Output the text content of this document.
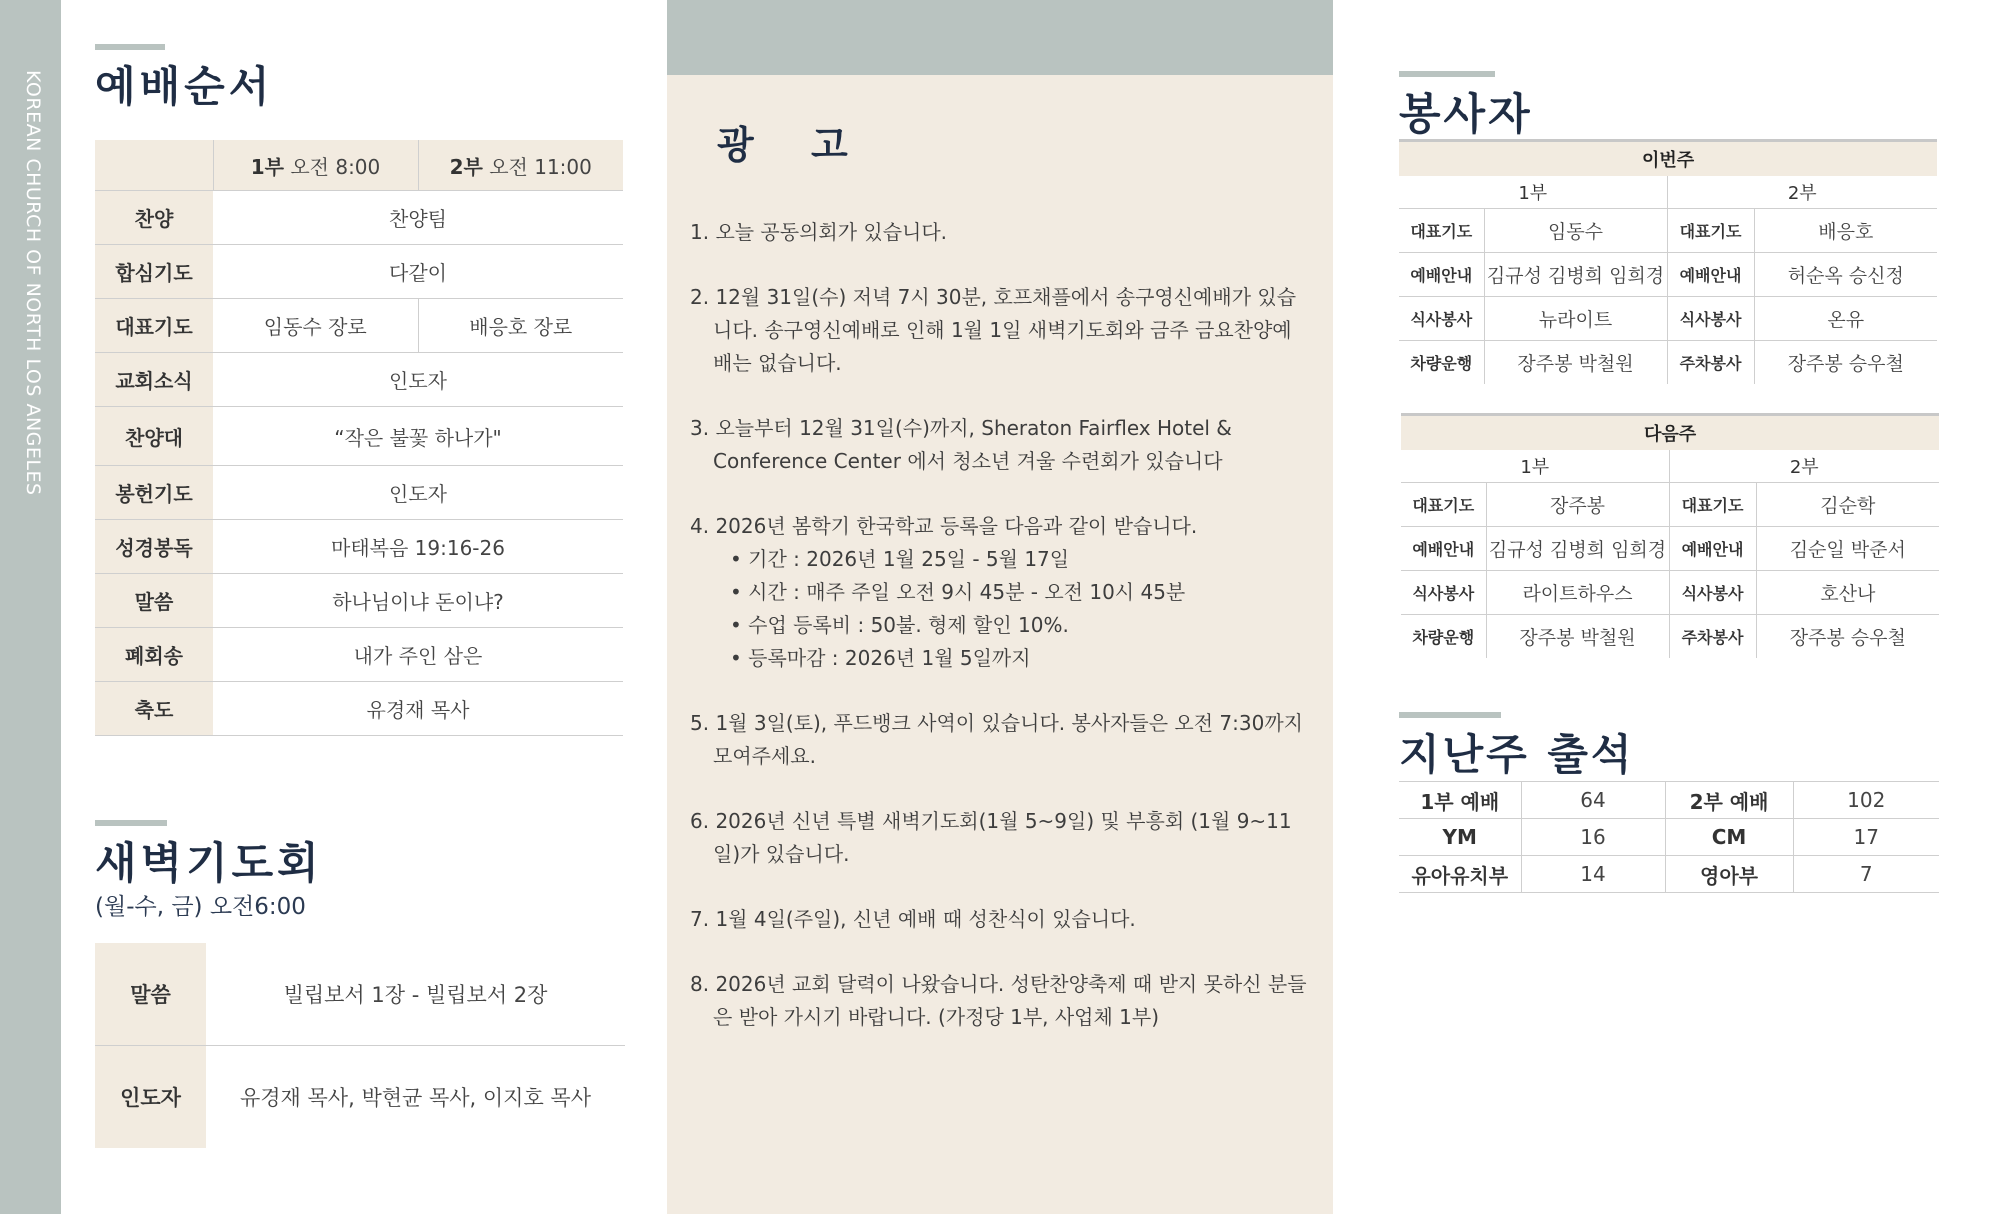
KOREAN CHURCH OF NORTH LOS ANGELES 예배순서
	1부 오전 8:00	2부 오전 11:00
찬양	찬양팀	
합심기도	다같이	
대표기도	임동수 장로	배응호 장로
교회소식	인도자	
찬양대	“작은 불꽃 하나가"	
봉헌기도	인도자	
성경봉독	마태복음 19:16-26	
말씀	하나님이냐 돈이냐?	
폐회송	내가 주인 삼은	
축도	유경재 목사	
새벽기도회

(월-수, 금) 오전6:00

말씀	빌립보서 1장 - 빌립보서 2장
인도자	유경재 목사, 박현균 목사, 이지호 목사
광 고
1. 오늘 공동의회가 있습니다.
2. 12월 31일(수) 저녁 7시 30분, 호프채플에서 송구영신예배가 있습니다. 송구영신예배로 인해 1월 1일 새벽기도회와 금주 금요찬양예배는 없습니다.
3. 오늘부터 12월 31일(수)까지, Sheraton Fairflex Hotel & Conference Center 에서 청소년 겨울 수련회가 있습니다
4. 2026년 봄학기 한국학교 등록을 다음과 같이 받습니다.
• 기간 : 2026년 1월 25일 - 5월 17일
• 시간 : 매주 주일 오전 9시 45분 - 오전 10시 45분
• 수업 등록비 : 50불. 형제 할인 10%.
• 등록마감 : 2026년 1월 5일까지
5. 1월 3일(토), 푸드뱅크 사역이 있습니다. 봉사자들은 오전 7:30까지 모여주세요.
6. 2026년 신년 특별 새벽기도회(1월 5~9일) 및 부흥회 (1월 9~11일)가 있습니다.
7. 1월 4일(주일), 신년 예배 때 성찬식이 있습니다.
8. 2026년 교회 달력이 나왔습니다. 성탄찬양축제 때 받지 못하신 분들은 받아 가시기 바랍니다. (가정당 1부, 사업체 1부)
봉사자
이번주			
1부		2부	
대표기도	임동수	대표기도	배응호
예배안내	김규성 김병희 임희경	예배안내	허순옥 승신정
식사봉사	뉴라이트	식사봉사	온유
차량운행	장주봉 박철원	주차봉사	장주봉 승우철
다음주			
1부		2부	
대표기도	장주봉	대표기도	김순학
예배안내	김규성 김병희 임희경	예배안내	김순일 박준서
식사봉사	라이트하우스	식사봉사	호산나
차량운행	장주봉 박철원	주차봉사	장주봉 승우철
지난주 출석
1부 예배	64	2부 예배	102
YM	16	CM	17
유아유치부	14	영아부	7
